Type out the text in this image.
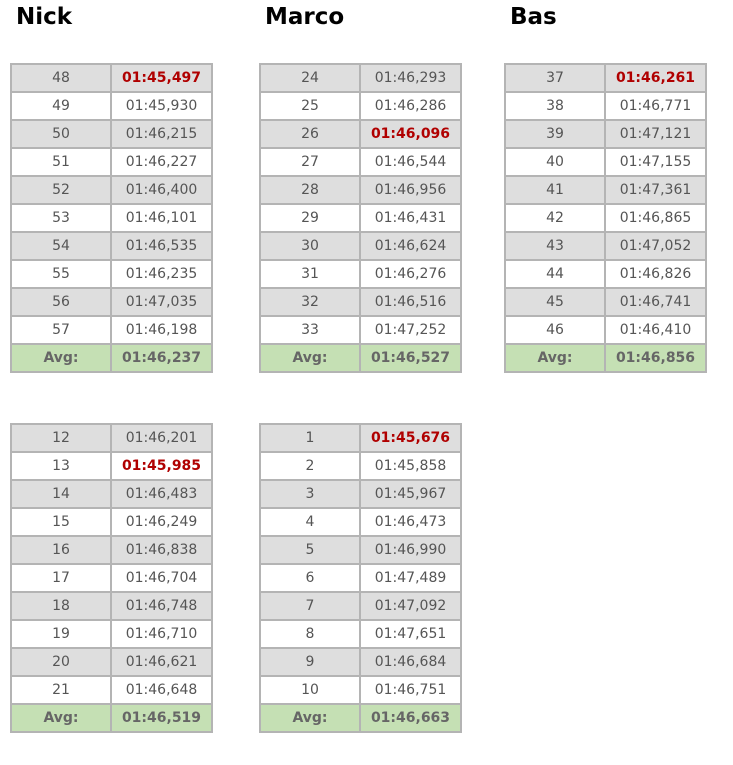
Nick	Marco	Bas
48	01:45,497
49	01:45,930
50	01:46,215
51	01:46,227
52	01:46,400
53	01:46,101
54	01:46,535
55	01:46,235
56	01:47,035
57	01:46,198
Avg:	01:46,237
24	01:46,293
25	01:46,286
26	01:46,096
27	01:46,544
28	01:46,956
29	01:46,431
30	01:46,624
31	01:46,276
32	01:46,516
33	01:47,252
Avg:	01:46,527
37	01:46,261
38	01:46,771
39	01:47,121
40	01:47,155
41	01:47,361
42	01:46,865
43	01:47,052
44	01:46,826
45	01:46,741
46	01:46,410
Avg:	01:46,856
12	01:46,201
13	01:45,985
14	01:46,483
15	01:46,249
16	01:46,838
17	01:46,704
18	01:46,748
19	01:46,710
20	01:46,621
21	01:46,648
Avg:	01:46,519
1	01:45,676
2	01:45,858
3	01:45,967
4	01:46,473
5	01:46,990
6	01:47,489
7	01:47,092
8	01:47,651
9	01:46,684
10	01:46,751
Avg:	01:46,663
